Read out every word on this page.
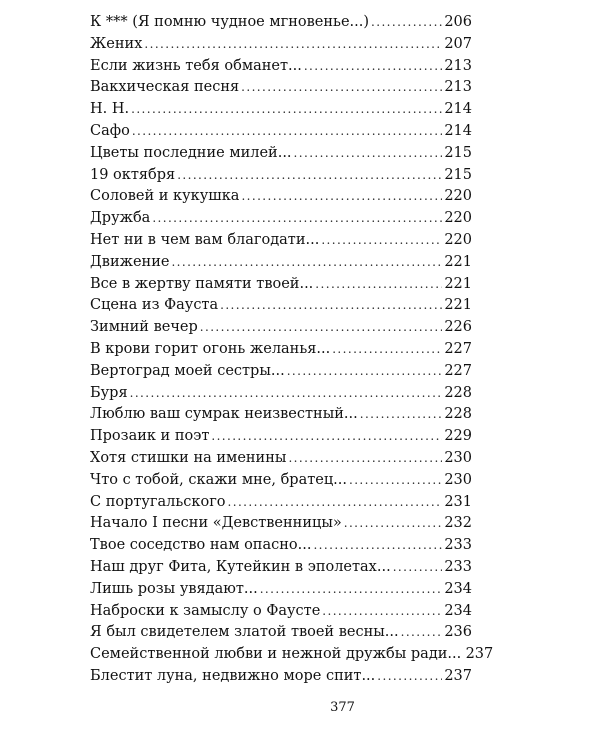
К *** (Я помню чудное мгновенье...) .....	206
Жених .....	207
Если жизнь тебя обманет... .....	213
Вакхическая песня .....	213
Н. Н. .....	214
Сафо .....	214
Цветы последние милей... .....	215
19 октября .....	215
Соловей и кукушка .....	220
Дружба .....	220
Нет ни в чем вам благодати... .....	220
Движение .....	221
Все в жертву памяти твоей... .....	221
Сцена из Фауста .....	221
Зимний вечер .....	226
В крови горит огонь желанья... .....	227
Вертоград моей сестры... .....	227
Буря .....	228
Люблю ваш сумрак неизвестный... .....	228
Прозаик и поэт .....	229
Хотя стишки на именины .....	230
Что с тобой, скажи мне, братец... .....	230
С португальского .....	231
Начало I песни «Девственницы» .....	232
Твое соседство нам опасно... .....	233
Наш друг Фита, Кутейкин в эполетах... .....	233
Лишь розы увядают... .....	234
Наброски к замыслу о Фаусте .....	234
Я был свидетелем златой твоей весны... .....	236
Семейственной любви и нежной дружбы ради... 237
Блестит луна, недвижно море спит... .....	237
377
